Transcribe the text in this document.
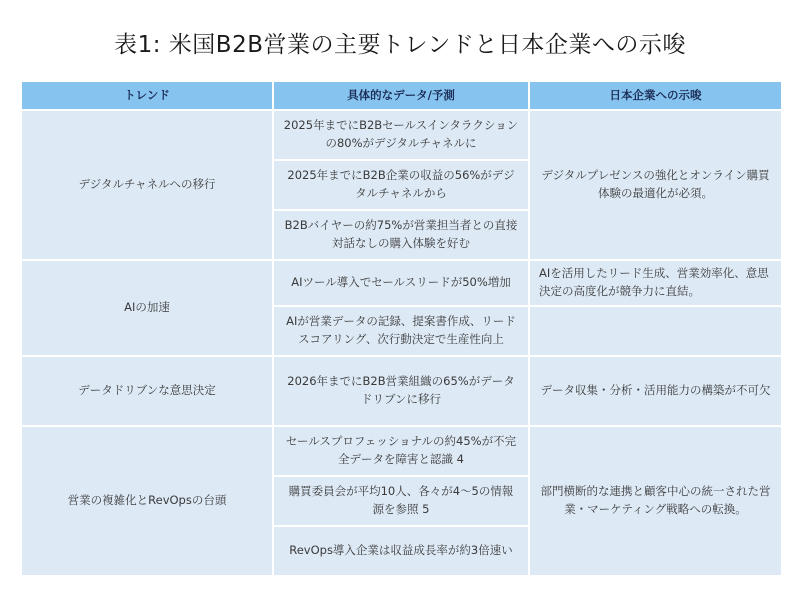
表1: 米国B2B営業の主要トレンドと日本企業への示唆
トレンド	具体的なデータ/予測	日本企業への示唆
デジタルチャネルへの移行	2025年までにB2Bセールスインタラクションの80%がデジタルチャネルに	デジタルプレゼンスの強化とオンライン購買体験の最適化が必須。
	2025年までにB2B企業の収益の56%がデジタルチャネルから	
	B2Bバイヤーの約75%が営業担当者との直接対話なしの購入体験を好む	
AIの加速	AIツール導入でセールスリードが50%増加	AIを活用したリード生成、営業効率化、意思決定の高度化が競争力に直結。
	AIが営業データの記録、提案書作成、リードスコアリング、次行動決定で生産性向上	
データドリブンな意思決定	2026年までにB2B営業組織の65%がデータドリブンに移行	データ収集・分析・活用能力の構築が不可欠
営業の複雑化とRevOpsの台頭	セールスプロフェッショナルの約45%が不完全データを障害と認識 4	部門横断的な連携と顧客中心の統一された営業・マーケティング戦略への転換。
	購買委員会が平均10人、各々が4～5の情報源を参照 5	
	RevOps導入企業は収益成長率が約3倍速い	
